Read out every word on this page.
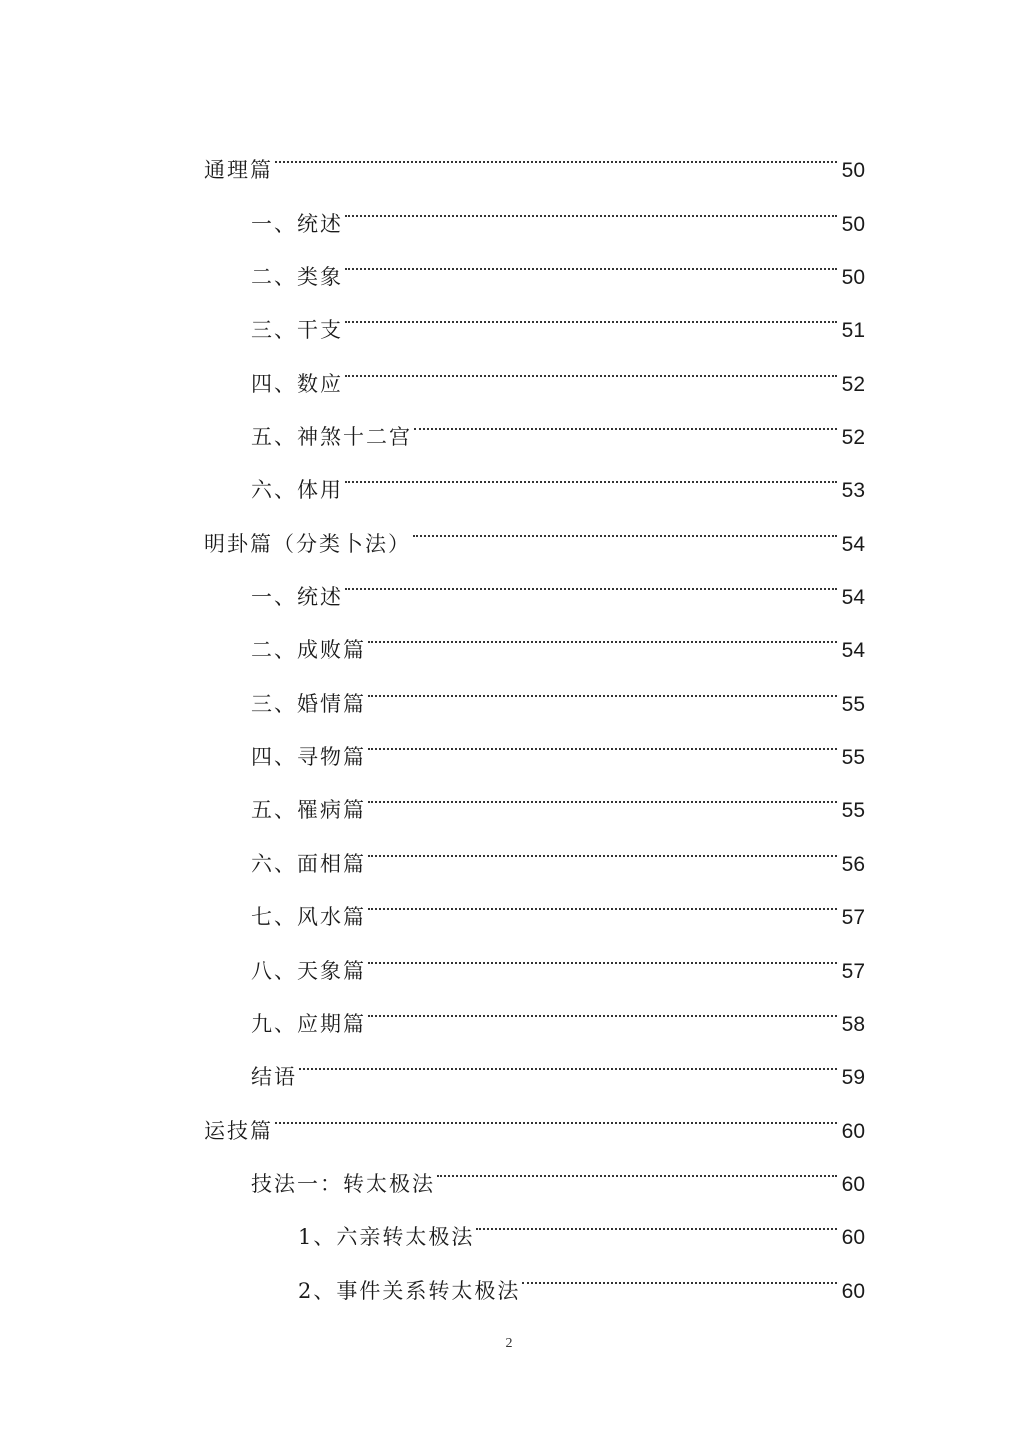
通理篇	50
一、统述	50
二、类象	50
三、干支	51
四、数应	52
五、神煞十二宫	52
六、体用	53
明卦篇（分类卜法）	54
一、统述	54
二、成败篇	54
三、婚情篇	55
四、寻物篇	55
五、罹病篇	55
六、面相篇	56
七、风水篇	57
八、天象篇	57
九、应期篇	58
结语	59
运技篇	60
技法一：转太极法	60
1、六亲转太极法	60
2、事件关系转太极法	60
2
